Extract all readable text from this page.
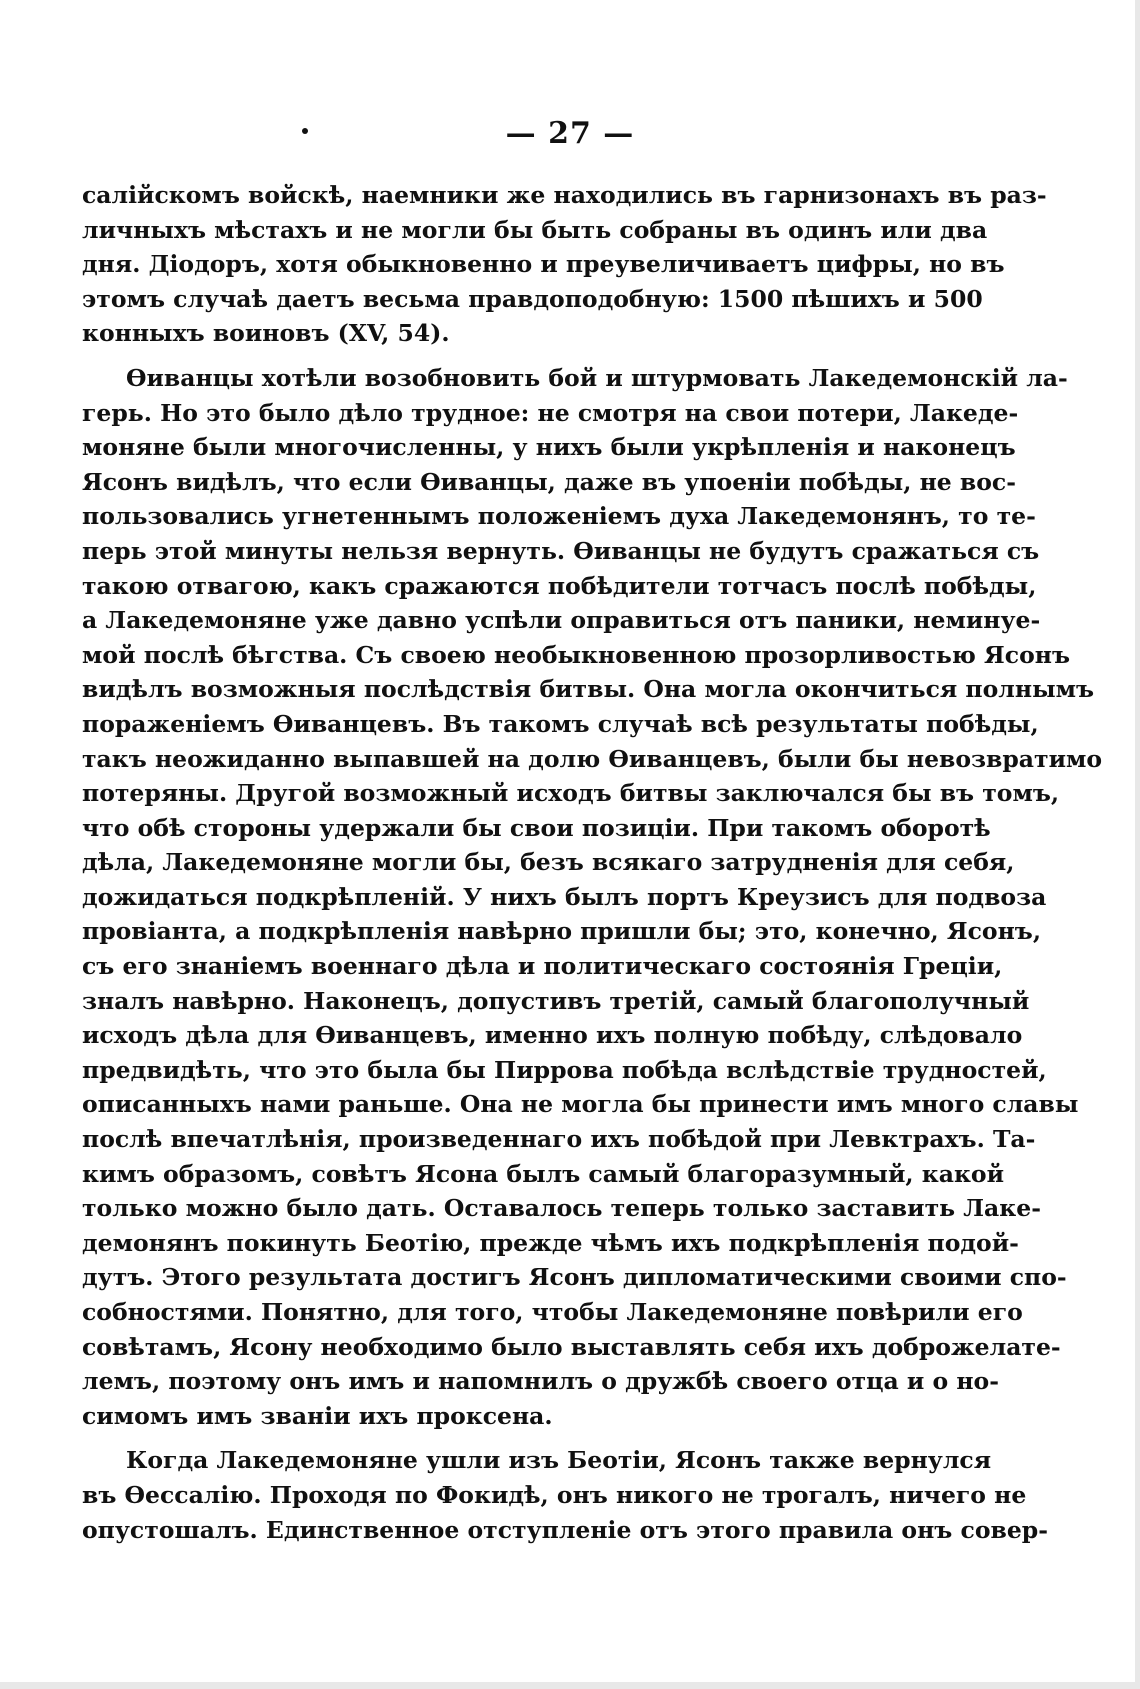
— 27 —
салійскомъ войскѣ, наемники же находились въ гарнизонахъ въ раз-
личныхъ мѣстахъ и не могли бы быть собраны въ одинъ или два
дня. Діодоръ, хотя обыкновенно и преувеличиваетъ цифры, но въ
этомъ случаѣ даетъ весьма правдоподобную: 1500 пѣшихъ и 500
конныхъ воиновъ (XV, 54).
Ѳиванцы хотѣли возобновить бой и штурмовать Лакедемонскій ла-
герь. Но это было дѣло трудное: не смотря на свои потери, Лакеде-
моняне были многочисленны, у нихъ были укрѣпленія и наконецъ
Ясонъ видѣлъ, что если Ѳиванцы, даже въ упоеніи побѣды, не вос-
пользовались угнетеннымъ положеніемъ духа Лакедемонянъ, то те-
перь этой минуты нельзя вернуть. Ѳиванцы не будутъ сражаться съ
такою отвагою, какъ сражаются побѣдители тотчасъ послѣ побѣды,
а Лакедемоняне уже давно успѣли оправиться отъ паники, неминуе-
мой послѣ бѣгства. Съ своею необыкновенною прозорливостью Ясонъ
видѣлъ возможныя послѣдствія битвы. Она могла окончиться полнымъ
пораженіемъ Ѳиванцевъ. Въ такомъ случаѣ всѣ результаты побѣды,
такъ неожиданно выпавшей на долю Ѳиванцевъ, были бы невозвратимо
потеряны. Другой возможный исходъ битвы заключался бы въ томъ,
что обѣ стороны удержали бы свои позиціи. При такомъ оборотѣ
дѣла, Лакедемоняне могли бы, безъ всякаго затрудненія для себя,
дожидаться подкрѣпленій. У нихъ былъ портъ Креузисъ для подвоза
провіанта, а подкрѣпленія навѣрно пришли бы; это, конечно, Ясонъ,
съ его знаніемъ военнаго дѣла и политическаго состоянія Греціи,
зналъ навѣрно. Наконецъ, допустивъ третій, самый благополучный
исходъ дѣла для Ѳиванцевъ, именно ихъ полную побѣду, слѣдовало
предвидѣть, что это была бы Пиррова побѣда вслѣдствіе трудностей,
описанныхъ нами раньше. Она не могла бы принести имъ много славы
послѣ впечатлѣнія, произведеннаго ихъ побѣдой при Левктрахъ. Та-
кимъ образомъ, совѣтъ Ясона былъ самый благоразумный, какой
только можно было дать. Оставалось теперь только заставить Лаке-
демонянъ покинуть Беотію, прежде чѣмъ ихъ подкрѣпленія подой-
дутъ. Этого результата достигъ Ясонъ дипломатическими своими спо-
собностями. Понятно, для того, чтобы Лакедемоняне повѣрили его
совѣтамъ, Ясону необходимо было выставлять себя ихъ доброжелате-
лемъ, поэтому онъ имъ и напомнилъ о дружбѣ своего отца и о но-
симомъ имъ званіи ихъ проксена.
Когда Лакедемоняне ушли изъ Беотіи, Ясонъ также вернулся
въ Ѳессалію. Проходя по Фокидѣ, онъ никого не трогалъ, ничего не
опустошалъ. Единственное отступленіе отъ этого правила онъ совер-
